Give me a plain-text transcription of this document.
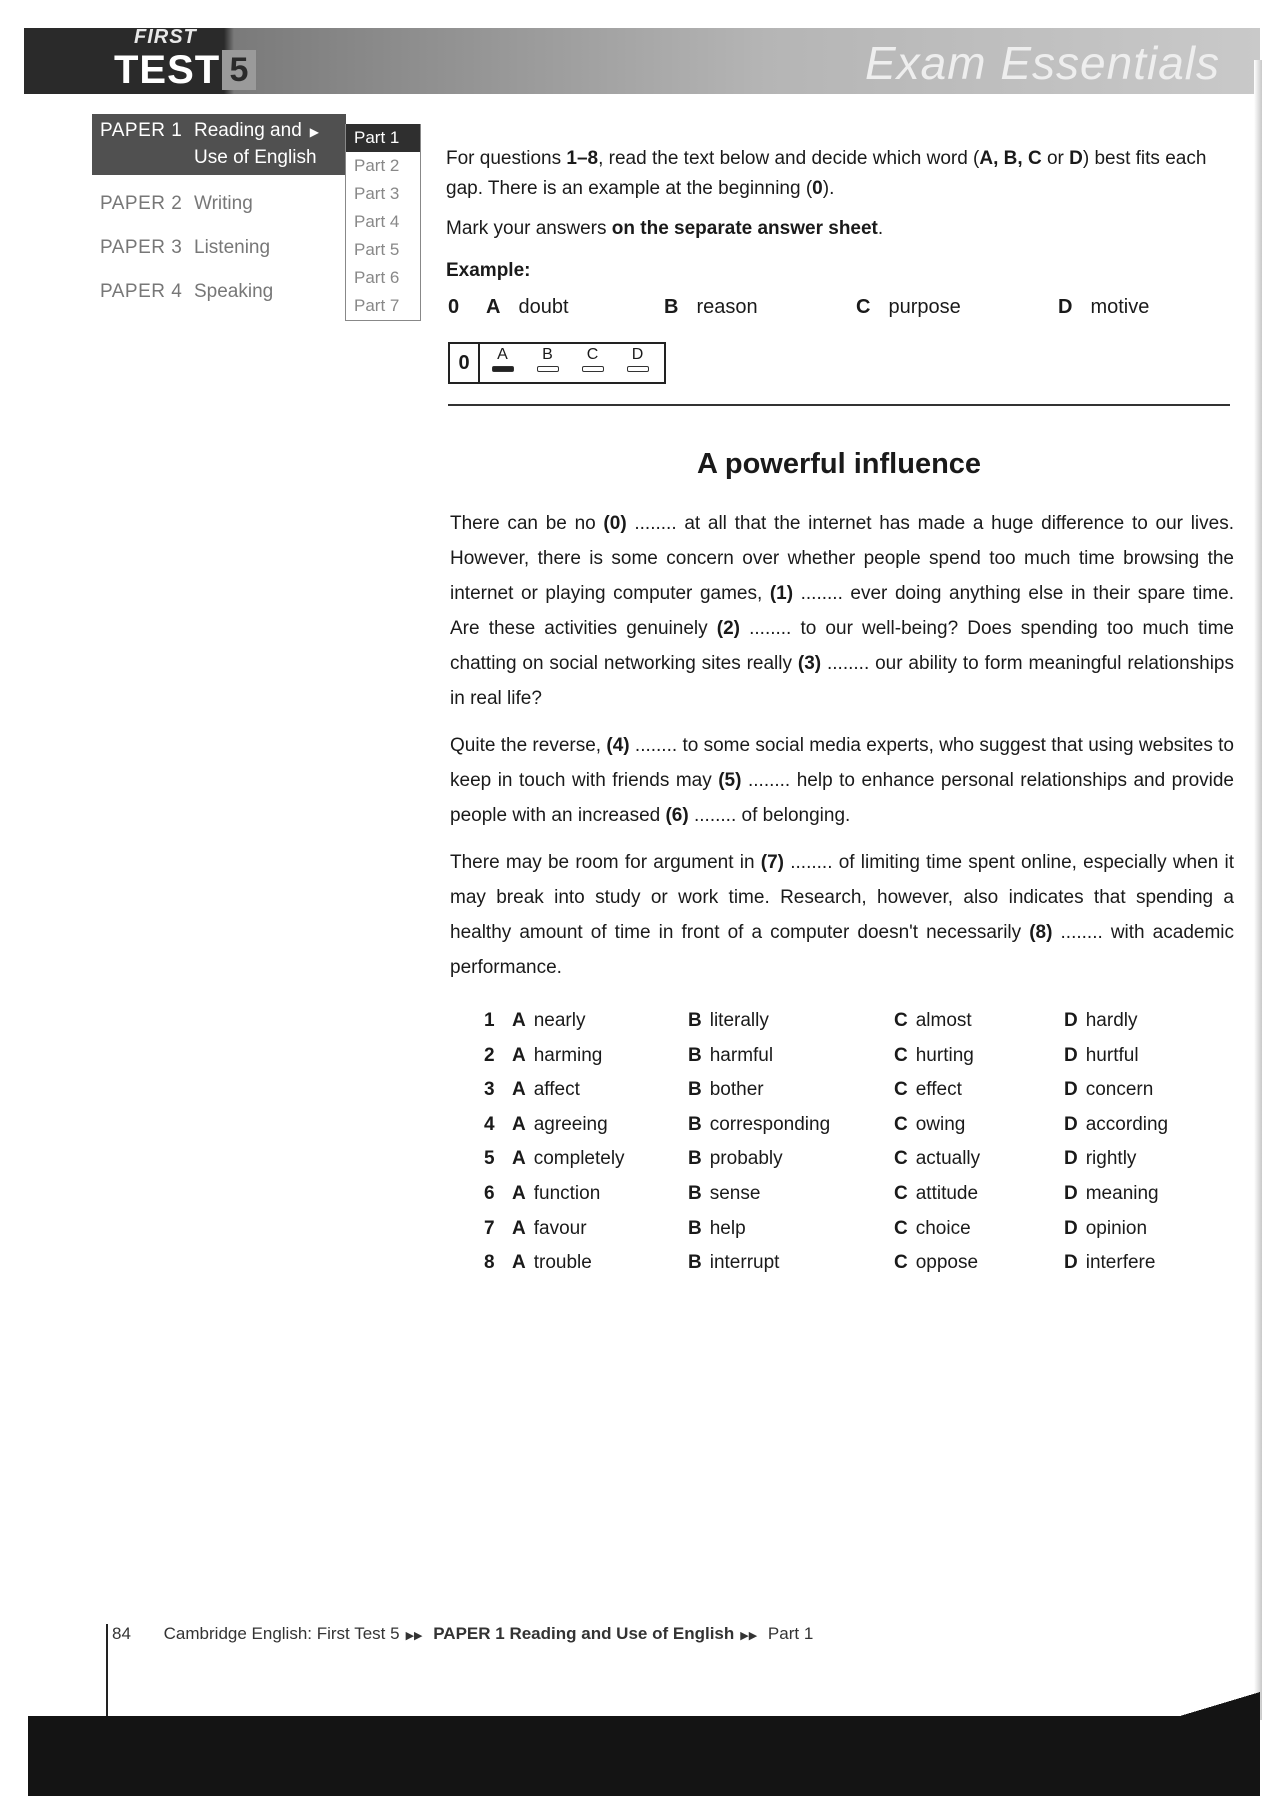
FIRST
TEST 5	Exam Essentials
PAPER 1 Reading and ▶
Use of English
PAPER 2 Writing
PAPER 3 Listening
PAPER 4 Speaking
Part 1
Part 2
Part 3
Part 4
Part 5
Part 6
Part 7

For questions 1–8, read the text below and decide which word (A, B, C or D) best fits each gap. There is an example at the beginning (0).

Mark your answers on the separate answer sheet.

Example:
0	A doubt	B reason	C purpose	D motive
0	A	B	C	D
A powerful influence

There can be no (0) ........ at all that the internet has made a huge difference to our lives. However, there is some concern over whether people spend too much time browsing the internet or playing computer games, (1) ........ ever doing anything else in their spare time. Are these activities genuinely (2) ........ to our well-being? Does spending too much time chatting on social networking sites really (3) ........ our ability to form meaningful relationships in real life?

Quite the reverse, (4) ........ to some social media experts, who suggest that using websites to keep in touch with friends may (5) ........ help to enhance personal relationships and provide people with an increased (6) ........ of belonging.

There may be room for argument in (7) ........ of limiting time spent online, especially when it may break into study or work time. Research, however, also indicates that spending a healthy amount of time in front of a computer doesn't necessarily (8) ........ with academic performance.

1 A nearly	B literally	C almost	D hardly
2 A harming	B harmful	C hurting	D hurtful
3 A affect	B bother	C effect	D concern
4 A agreeing	B corresponding	C owing	D according
5 A completely	B probably	C actually	D rightly
6 A function	B sense	C attitude	D meaning
7 A favour	B help	C choice	D opinion
8 A trouble	B interrupt	C oppose	D interfere
84 Cambridge English: First Test 5 ▶▶ PAPER 1 Reading and Use of English ▶▶ Part 1
